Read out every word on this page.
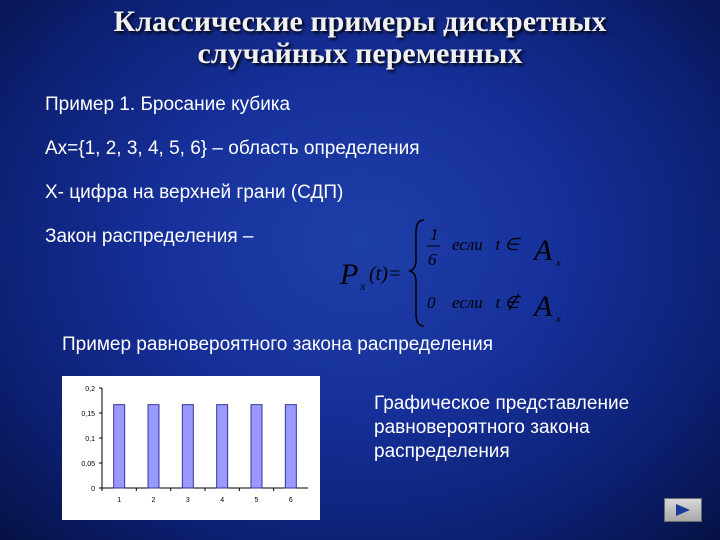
Классические примеры дискретных
случайных переменных
Пример 1. Бросание кубика
Ax={1, 2, 3, 4, 5, 6} – область определения
X- цифра на верхней грани (СДП)
Закон распределения –
P x
(t)=
1
6
если   t ∈ A x
0 если   t ∉ A x
Пример равновероятного закона распределения
0
0,05
0,1
0,15
0,2
1	2	3	4	5	6
Графическое представление равновероятного закона распределения
